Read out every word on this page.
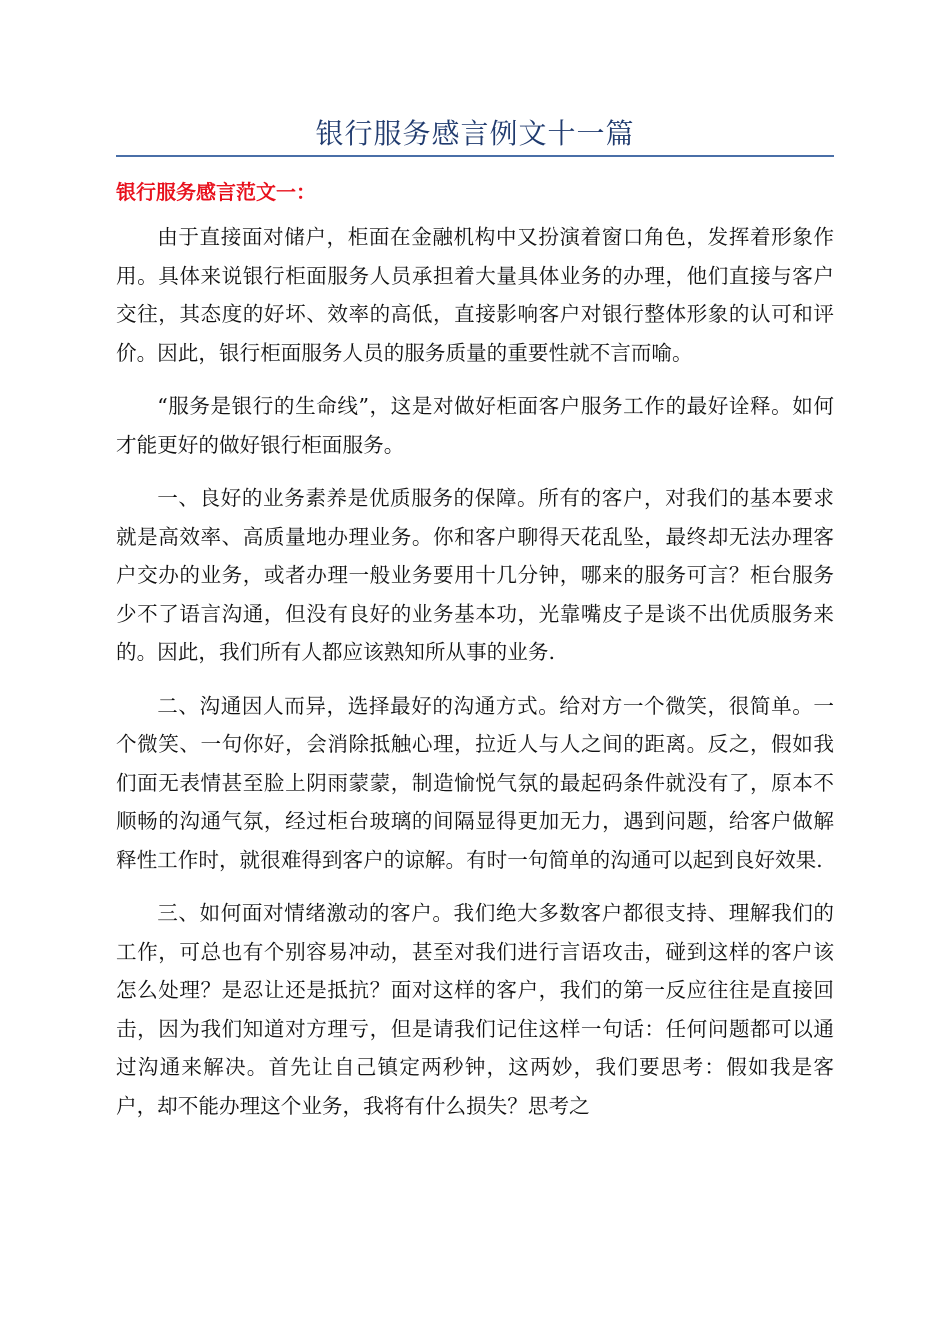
银行服务感言例文十一篇
银行服务感言范文一：

由于直接面对储户，柜面在金融机构中又扮演着窗口角色，发挥着形象作用。具体来说银行柜面服务人员承担着大量具体业务的办理，他们直接与客户交往，其态度的好坏、效率的高低，直接影响客户对银行整体形象的认可和评价。因此，银行柜面服务人员的服务质量的重要性就不言而喻。

“服务是银行的生命线”，这是对做好柜面客户服务工作的最好诠释。如何才能更好的做好银行柜面服务。

一、良好的业务素养是优质服务的保障。所有的客户，对我们的基本要求就是高效率、高质量地办理业务。你和客户聊得天花乱坠，最终却无法办理客户交办的业务，或者办理一般业务要用十几分钟，哪来的服务可言？柜台服务少不了语言沟通，但没有良好的业务基本功，光靠嘴皮子是谈不出优质服务来的。因此，我们所有人都应该熟知所从事的业务.

二、沟通因人而异，选择最好的沟通方式。给对方一个微笑，很简单。一个微笑、一句你好，会消除抵触心理，拉近人与人之间的距离。反之，假如我们面无表情甚至脸上阴雨蒙蒙，制造愉悦气氛的最起码条件就没有了，原本不顺畅的沟通气氛，经过柜台玻璃的间隔显得更加无力，遇到问题，给客户做解释性工作时，就很难得到客户的谅解。有时一句简单的沟通可以起到良好效果.

三、如何面对情绪激动的客户。我们绝大多数客户都很支持、理解我们的工作，可总也有个别容易冲动，甚至对我们进行言语攻击，碰到这样的客户该怎么处理？是忍让还是抵抗？面对这样的客户，我们的第一反应往往是直接回击，因为我们知道对方理亏，但是请我们记住这样一句话：任何问题都可以通过沟通来解决。首先让自己镇定两秒钟，这两妙，我们要思考：假如我是客户，却不能办理这个业务，我将有什么损失？思考之
